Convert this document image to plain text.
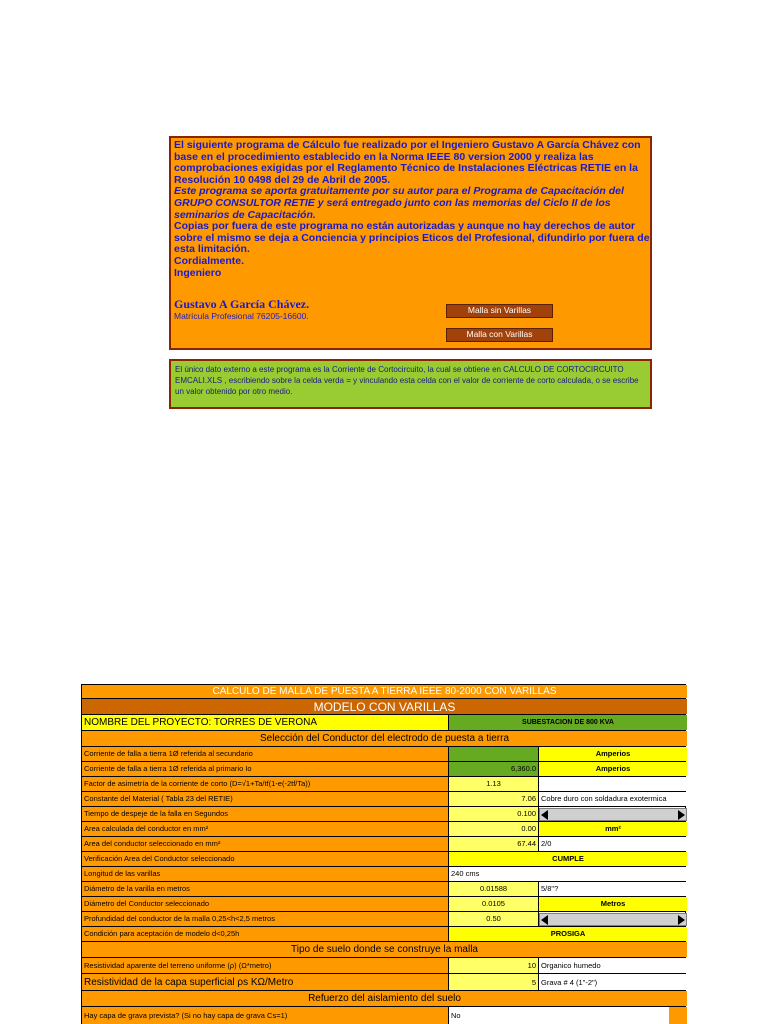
El siguiente programa de Cálculo fue realizado por el Ingeniero Gustavo A García Chávez con base en el procedimiento establecido en la Norma IEEE 80 version 2000 y realiza las comprobaciones exigidas por el Reglamento Técnico de Instalaciones Eléctricas RETIE en la Resolución 10 0498 del 29 de Abril de 2005.

Este programa se aporta gratuitamente por su autor para el Programa de Capacitación del GRUPO CONSULTOR RETIE y será entregado junto con las memorias del Ciclo II de los seminarios de Capacitación.

Copias por fuera de este programa no están autorizadas y aunque no hay derechos de autor sobre el mismo se deja a Conciencia y principios Eticos del Profesional, difundirlo por fuera de esta limitación.

Cordialmente.

Ingeniero

Gustavo A García Chávez.
Matrícula Profesional 76205-16600.
Malla sin Varillas
Malla con Varillas
El único dato externo a este programa es la Corriente de Cortocircuito, la cual se obtiene en CALCULO DE CORTOCIRCUITO EMCALI.XLS , escribiendo sobre la celda verda = y vinculando esta celda con el valor de corriente de corto calculada, o se escribe un valor obtenido por otro medio.
CALCULO DE MALLA DE PUESTA A TIERRA IEEE 80-2000 CON VARILLAS
MODELO CON VARILLAS
NOMBRE DEL PROYECTO: TORRES DE VERONA	SUBESTACION DE 800 KVA
Selección del Conductor del electrodo de puesta a tierra
Corriente de falla a tierra 1Ø referida al secundario	Amperios
Corriente de falla a tierra 1Ø referida al primario Io	6,360.0	Amperios
Factor de asimetría de la corriente de corto (D=√1+Ta/tf(1-e(-2tf/Ta))	1.13
Constante del Material ( Tabla 23 del RETIE)	7.06 Cobre duro con soldadura exotermica
Tiempo de despeje de la falla en Segundos	0.100
Area calculada del conductor en mm²	0.00	mm²
Area del conductor seleccionado en mm²	67.44 2/0
Verificación Area del Conductor seleccionado	CUMPLE
Longitud de las varillas	240 cms
Diámetro de la varilla en metros	0.01588	5/8"?
Diámetro del Conductor seleccionado	0.0105	Metros
Profundidad del conductor de la malla 0,25<h<2,5 metros	0.50
Condición para aceptación de modelo d<0,25h	PROSIGA
Tipo de suelo donde se construye la malla
Resistividad aparente del terreno uniforme (ρ) (Ω*metro)	10 Organico humedo
Resistividad de la capa superficial ρs KΩ/Metro	5 Grava # 4 (1"-2")
Refuerzo del aislamiento del suelo
Hay capa de grava prevista? (Si no hay capa de grava Cs=1)	No
